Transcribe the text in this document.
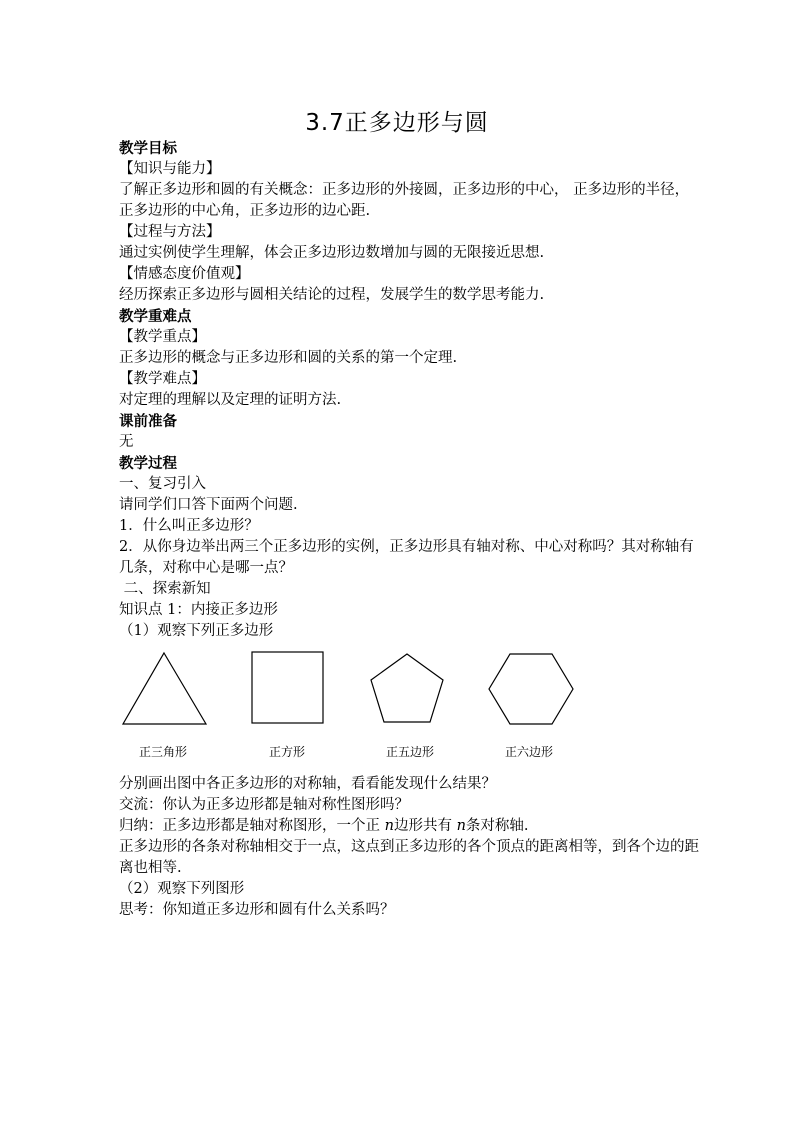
3.7正多边形与圆
教学目标
【知识与能力】
了解正多边形和圆的有关概念：正多边形的外接圆，正多边形的中心， 正多边形的半径，
正多边形的中心角，正多边形的边心距.
【过程与方法】
通过实例使学生理解，体会正多边形边数增加与圆的无限接近思想.
【情感态度价值观】
经历探索正多边形与圆相关结论的过程，发展学生的数学思考能力.
教学重难点
【教学重点】
正多边形的概念与正多边形和圆的关系的第一个定理.
【教学难点】
对定理的理解以及定理的证明方法.
课前准备
无
教学过程
一、复习引入
请同学们口答下面两个问题.
1．什么叫正多边形？
2．从你身边举出两三个正多边形的实例，正多边形具有轴对称、中心对称吗？其对称轴有
几条，对称中心是哪一点？
二、探索新知
知识点 1：内接正多边形
（1）观察下列正多边形
正三角形	正方形	正五边形	正六边形
分别画出图中各正多边形的对称轴，看看能发现什么结果？
交流：你认为正多边形都是轴对称性图形吗？
归纳：正多边形都是轴对称图形，一个正 n边形共有 n条对称轴.
正多边形的各条对称轴相交于一点，这点到正多边形的各个顶点的距离相等，到各个边的距
离也相等.
（2）观察下列图形
思考：你知道正多边形和圆有什么关系吗？
